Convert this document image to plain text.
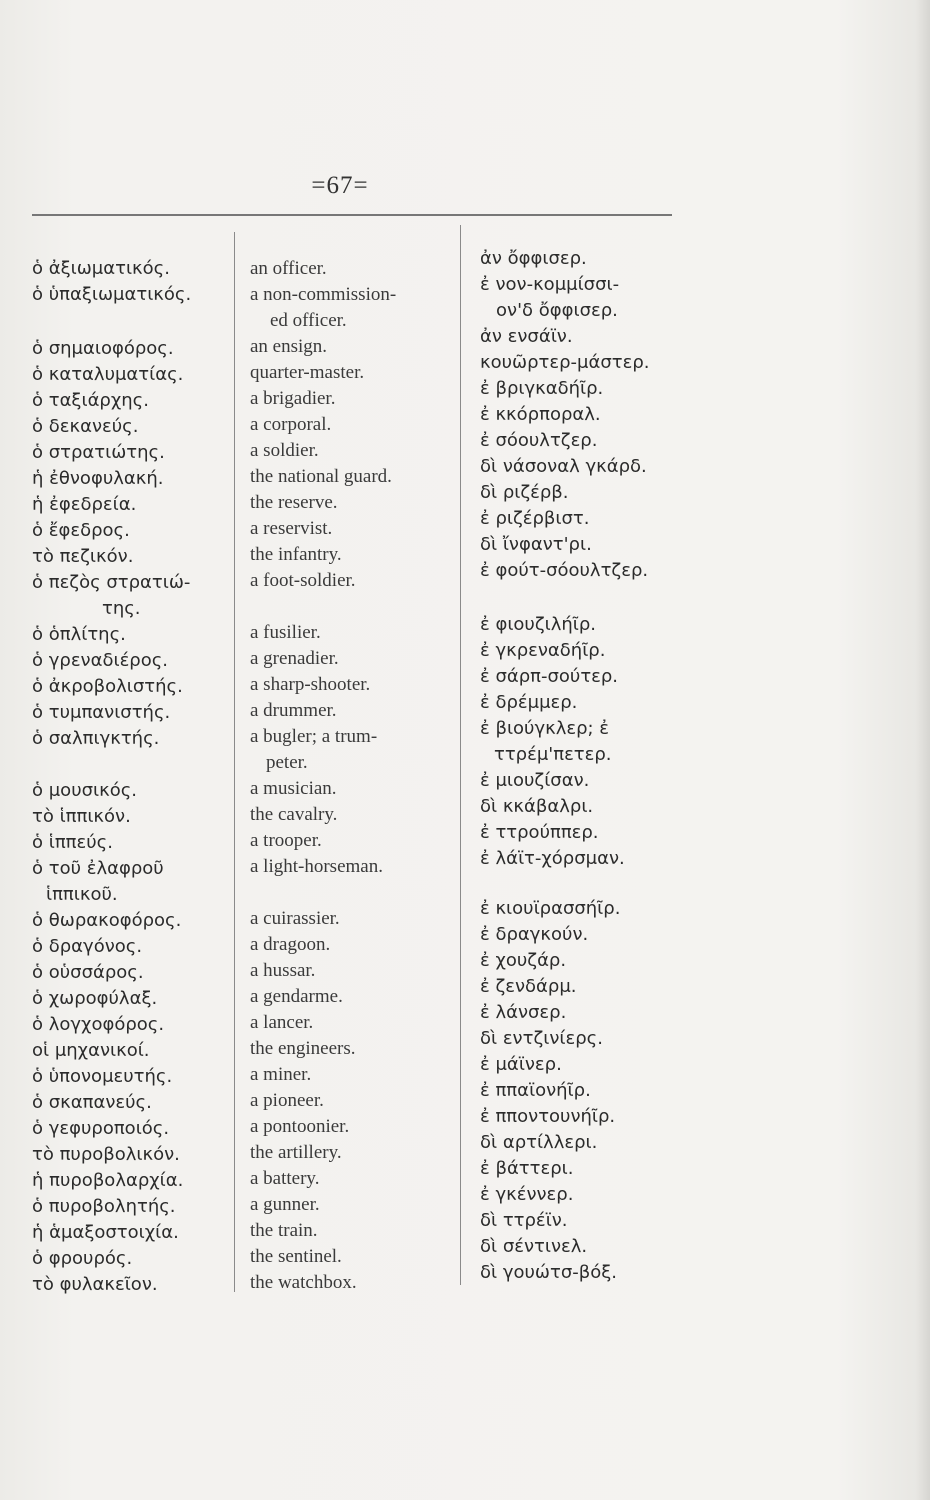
=67=
ὁ ἀξιωματικός.
ὁ ὑπαξιωματικός.
ὁ σημαιοφόρος.
ὁ καταλυματίας.
ὁ ταξιάρχης.
ὁ δεκανεύς.
ὁ στρατιώτης.
ἡ ἐθνοφυλακή.
ἡ ἐφεδρεία.
ὁ ἔφεδρος.
τὸ πεζικόν.
ὁ πεζὸς στρατιώ-
της.
ὁ ὁπλίτης.
ὁ γρεναδιέρος.
ὁ ἀκροβολιστής.
ὁ τυμπανιστής.
ὁ σαλπιγκτής.
ὁ μουσικός.
τὸ ἱππικόν.
ὁ ἱππεύς.
ὁ τοῦ ἐλαφροῦ
ἱππικοῦ.
ὁ θωρακοφόρος.
ὁ δραγόνος.
ὁ οὑσσάρος.
ὁ χωροφύλαξ.
ὁ λογχοφόρος.
οἱ μηχανικοί.
ὁ ὑπονομευτής.
ὁ σκαπανεύς.
ὁ γεφυροποιός.
τὸ πυροβολικόν.
ἡ πυροβολαρχία.
ὁ πυροβολητής.
ἡ ἁμαξοστοιχία.
ὁ φρουρός.
τὸ φυλακεῖον.
an officer.
a non-commission-
ed officer.
an ensign.
quarter-master.
a brigadier.
a corporal.
a soldier.
the national guard.
the reserve.
a reservist.
the infantry.
a foot-soldier.
a fusilier.
a grenadier.
a sharp-shooter.
a drummer.
a bugler; a trum-
peter.
a musician.
the cavalry.
a trooper.
a light-horseman.
a cuirassier.
a dragoon.
a hussar.
a gendarme.
a lancer.
the engineers.
a miner.
a pioneer.
a pontoonier.
the artillery.
a battery.
a gunner.
the train.
the sentinel.
the watchbox.
ἀν ὄφφισερ.
ἐ νον-κομμίσσι-
ον'δ ὄφφισερ.
ἀν ενσάϊν.
κουῶρτερ-μάστερ.
ἐ βριγκαδήῖρ.
ἐ κκόρποραλ.
ἐ σόουλτζερ.
δὶ νάσοναλ γκάρδ.
δὶ ριζέρβ.
ἐ ριζέρβιστ.
δὶ ἴνφαντ'ρι.
ἐ φούτ-σόουλτζερ.
ἐ φιουζιλήῖρ.
ἐ γκρεναδήῖρ.
ἐ σάρπ-σούτερ.
ἐ δρέμμερ.
ἐ βιούγκλερ; ἐ
ττρέμ'πετερ.
ἐ μιουζίσαν.
δὶ κκάβαλρι.
ἐ ττρούππερ.
ἐ λάϊτ-χόρσμαν.
ἐ κιουϊρασσήῖρ.
ἐ δραγκούν.
ἐ χουζάρ.
ἐ ζενδάρμ.
ἐ λάνσερ.
δὶ εντζινίερς.
ἐ μάϊνερ.
ἐ ππαϊονήῖρ.
ἐ πποντουνήῖρ.
δὶ αρτίλλερι.
ἐ βάττερι.
ἐ γκέννερ.
δὶ ττρέϊν.
δὶ σέντινελ.
δὶ γουώτσ-βόξ.
